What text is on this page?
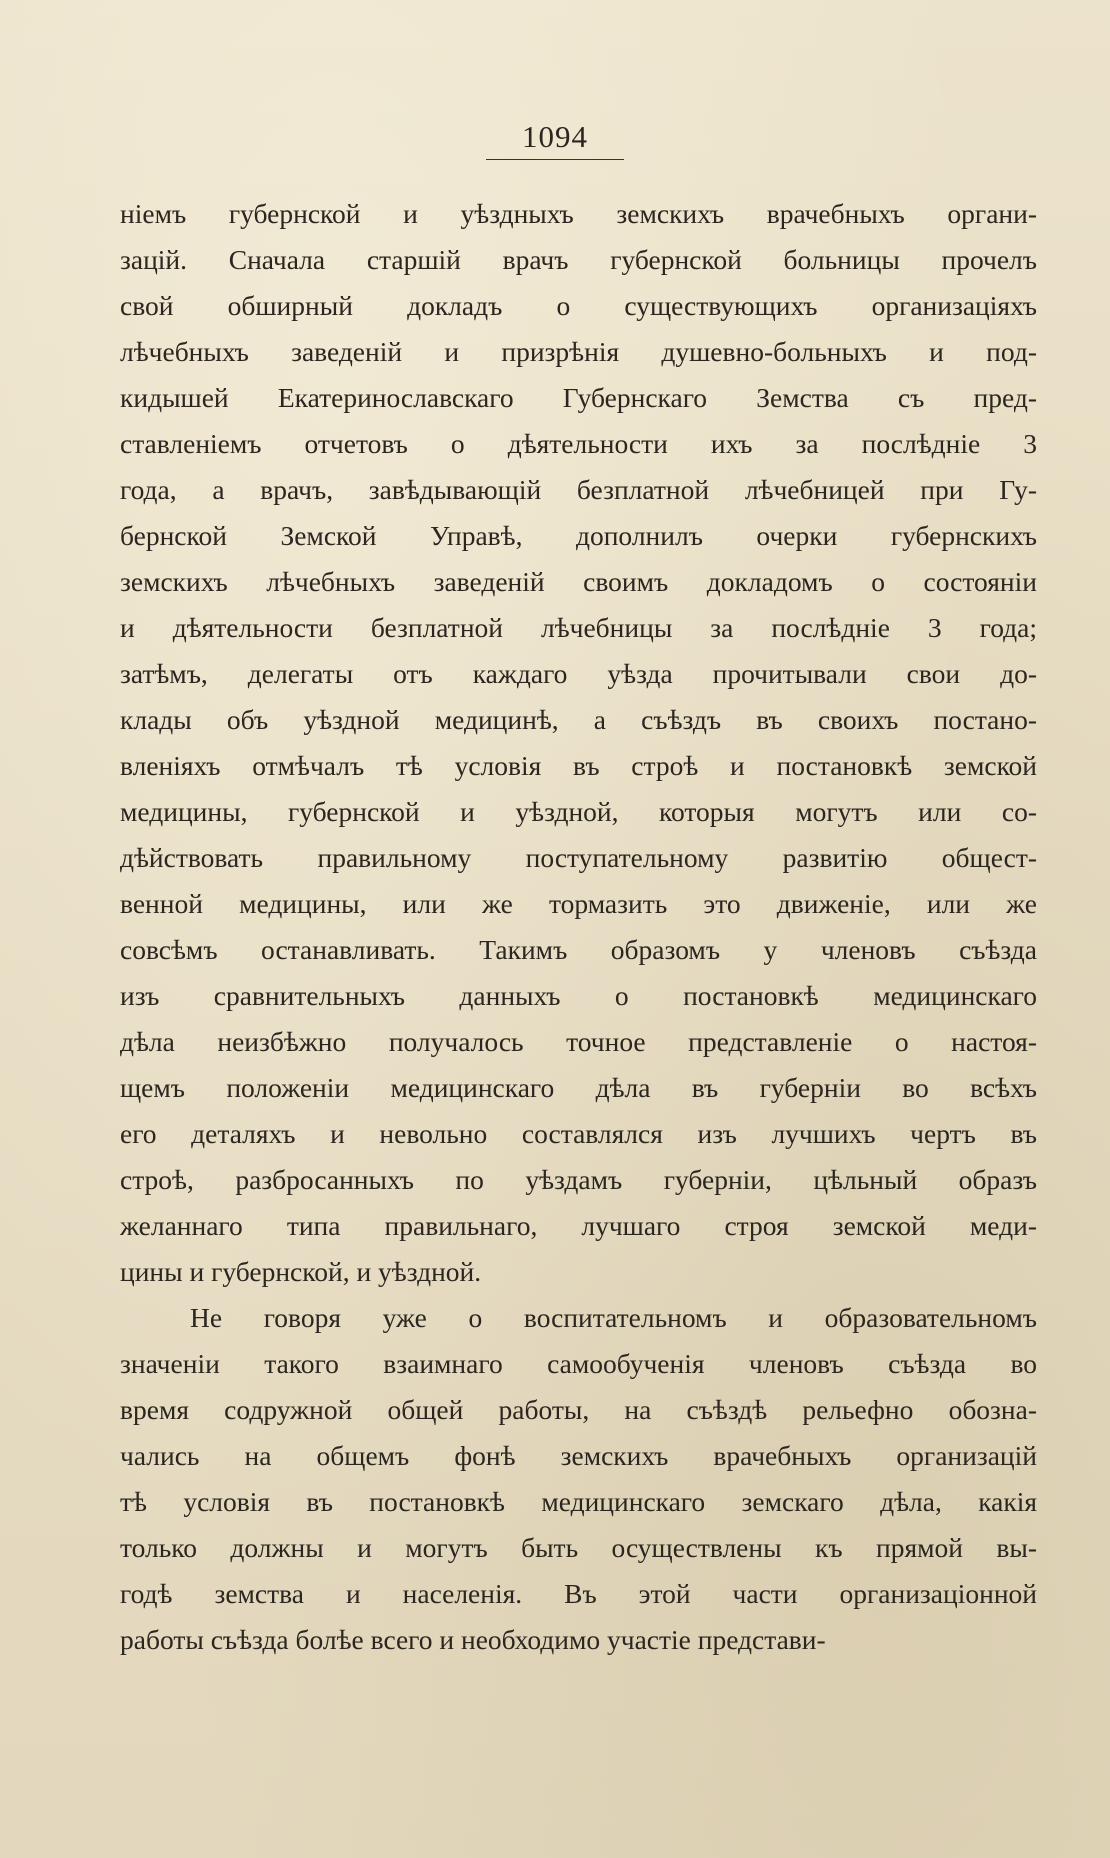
1094
ніемъ губернской и уѣздныхъ земскихъ врачебныхъ органи-
зацій. Сначала старшій врачъ губернской больницы прочелъ
свой обширный докладъ о существующихъ организаціяхъ
лѣчебныхъ заведеній и призрѣнія душевно-больныхъ и под-
кидышей Екатеринославскаго Губернскаго Земства съ пред-
ставленіемъ отчетовъ о дѣятельности ихъ за послѣдніе 3
года, а врачъ, завѣдывающій безплатной лѣчебницей при Гу-
бернской Земской Управѣ, дополнилъ очерки губернскихъ
земскихъ лѣчебныхъ заведеній своимъ докладомъ о состояніи
и дѣятельности безплатной лѣчебницы за послѣдніе 3 года;
затѣмъ, делегаты отъ каждаго уѣзда прочитывали свои до-
клады объ уѣздной медицинѣ, а съѣздъ въ своихъ постано-
вленіяхъ отмѣчалъ тѣ условія въ строѣ и постановкѣ земской
медицины, губернской и уѣздной, которыя могутъ или со-
дѣйствовать правильному поступательному развитію общест-
венной медицины, или же тормазить это движеніе, или же
совсѣмъ останавливать. Такимъ образомъ у членовъ съѣзда
изъ сравнительныхъ данныхъ о постановкѣ медицинскаго
дѣла неизбѣжно получалось точное представленіе о настоя-
щемъ положеніи медицинскаго дѣла въ губерніи во всѣхъ
его деталяхъ и невольно составлялся изъ лучшихъ чертъ въ
строѣ, разбросанныхъ по уѣздамъ губерніи, цѣльный образъ
желаннаго типа правильнаго, лучшаго строя земской меди-
цины и губернской, и уѣздной.
Не говоря уже о воспитательномъ и образовательномъ
значеніи такого взаимнаго самообученія членовъ съѣзда во
время содружной общей работы, на съѣздѣ рельефно обозна-
чались на общемъ фонѣ земскихъ врачебныхъ организацій
тѣ условія въ постановкѣ медицинскаго земскаго дѣла, какія
только должны и могутъ быть осуществлены къ прямой вы-
годѣ земства и населенія. Въ этой части организаціонной
работы съѣзда болѣе всего и необходимо участіе представи-
